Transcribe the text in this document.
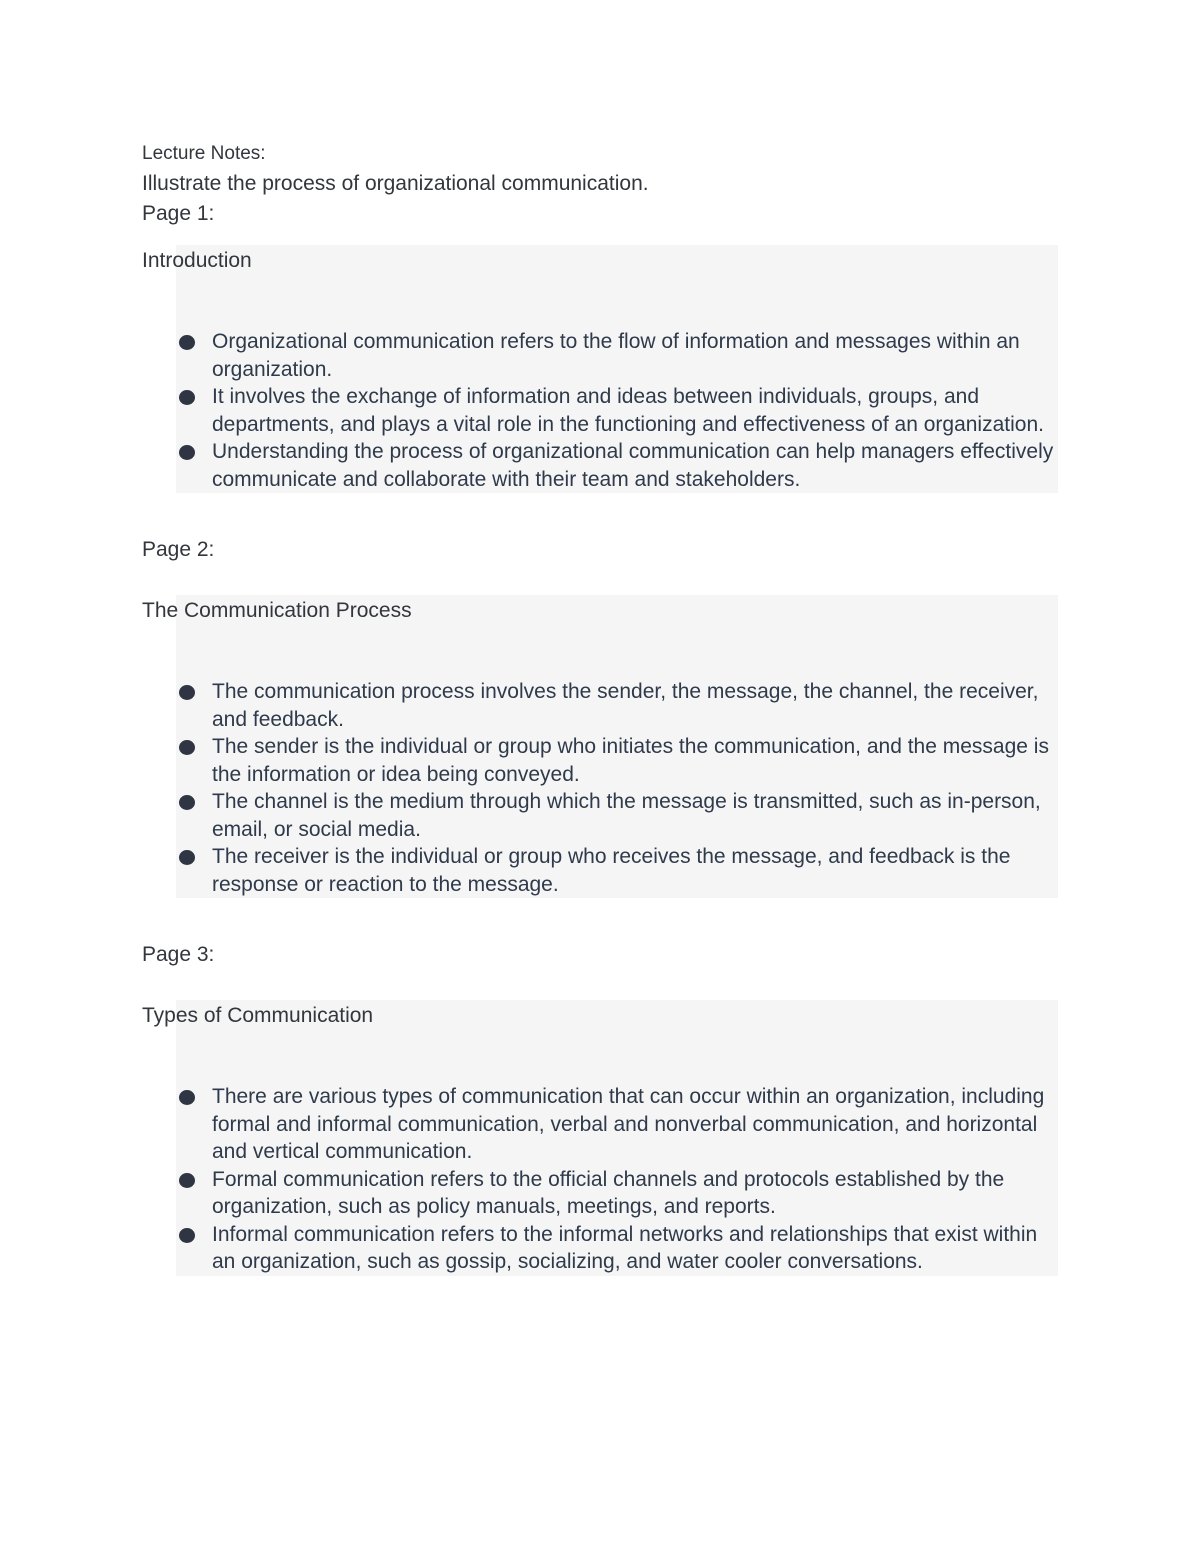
Lecture Notes:

Illustrate the process of organizational communication.

Page 1:

Introduction

Organizational communication refers to the flow of information and messages within an organization.
It involves the exchange of information and ideas between individuals, groups, and departments, and plays a vital role in the functioning and effectiveness of an organization.
Understanding the process of organizational communication can help managers effectively communicate and collaborate with their team and stakeholders.

Page 2:

The Communication Process

The communication process involves the sender, the message, the channel, the receiver, and feedback.
The sender is the individual or group who initiates the communication, and the message is the information or idea being conveyed.
The channel is the medium through which the message is transmitted, such as in-person, email, or social media.
The receiver is the individual or group who receives the message, and feedback is the response or reaction to the message.

Page 3:

Types of Communication

There are various types of communication that can occur within an organization, including formal and informal communication, verbal and nonverbal communication, and horizontal and vertical communication.
Formal communication refers to the official channels and protocols established by the organization, such as policy manuals, meetings, and reports.
Informal communication refers to the informal networks and relationships that exist within an organization, such as gossip, socializing, and water cooler conversations.
